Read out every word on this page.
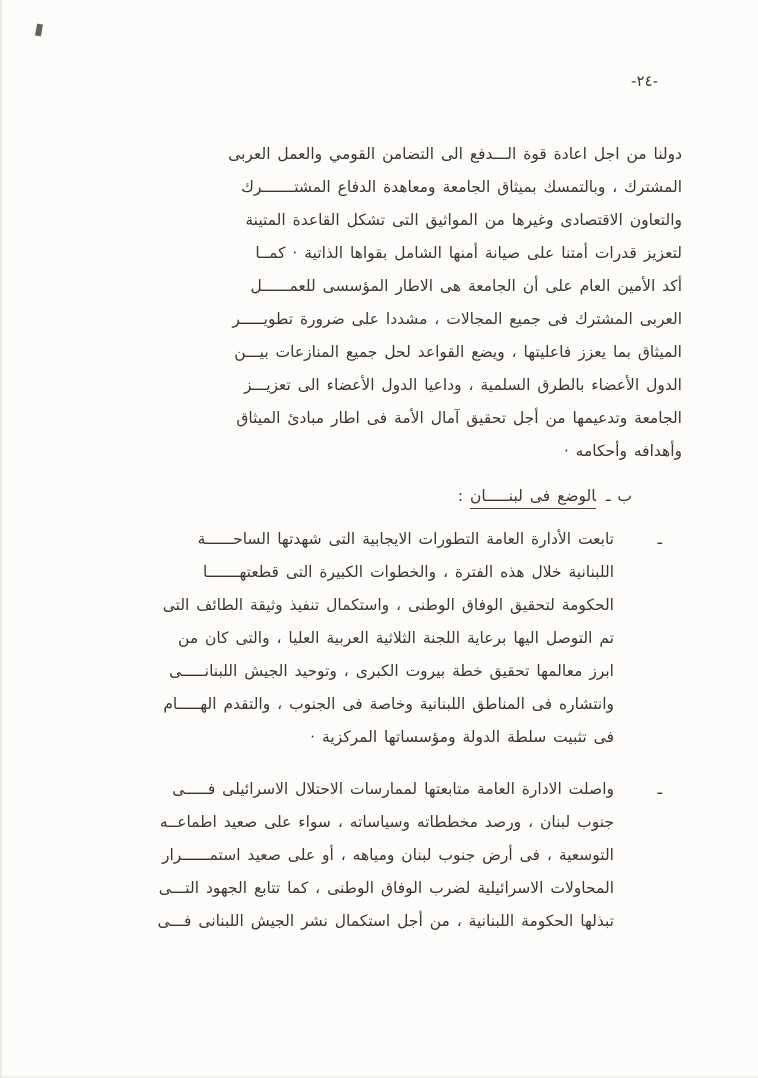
-٢٤-
دولنا من اجل اعادة قوة الـــدفع الى التضامن القومي والعمل العربى
المشترك ، وبالتمسك بميثاق الجامعة ومعاهدة الدفاع المشتـــــــرك
والتعاون الاقتصادى وغيرها من المواثيق التى تشكل القاعدة المتينة
لتعزيز قدرات أمتنا على صيانة أمنها الشامل بقواها الذاتية · كمــا
أكد الأمين العام على أن الجامعة هى الاطار المؤسسى للعمــــــل
العربى المشترك فى جميع المجالات ، مشددا على ضرورة تطويـــــر
الميثاق بما يعزز فاعليتها ، ويضع القواعد لحل جميع المنازعات بيـــن
الدول الأعضاء بالطرق السلمية ، وداعيا الدول الأعضاء الى تعزيـــز
الجامعة وتدعيمها من أجل تحقيق آمال الأمة فى اطار مبادئ الميثاق
وأهدافه وأحكامه ·
ب ـالوضع فى لبنـــــان :
ـ
تابعت الأدارة العامة التطورات الايجابية التى شهدتها الساحــــــة
اللبنانية خلال هذه الفترة ، والخطوات الكبيرة التى قطعتهـــــــا
الحكومة لتحقيق الوفاق الوطنى ، واستكمال تنفيذ وثيقة الطائف التى
تم التوصل اليها برعاية اللجنة الثلاثية العربية العليا ، والتى كان من
ابرز معالمها تحقيق خطة بيروت الكبرى ، وتوحيد الجيش اللبنانـــــى
وانتشاره فى المناطق اللبنانية وخاصة فى الجنوب ، والتقدم الهـــــام
فى تثبيت سلطة الدولة ومؤسساتها المركزية ·
ـ
واصلت الادارة العامة متابعتها لممارسات الاحتلال الاسرائيلى فـــــى
جنوب لبنان ، ورصد مخططاته وسياساته ، سواء على صعيد اطماعــه
التوسعية ، فى أرض جنوب لبنان ومياهه ، أو على صعيد استمــــــرار
المحاولات الاسرائيلية لضرب الوفاق الوطنى ، كما تتابع الجهود التـــى
تبذلها الحكومة اللبنانية ، من أجل استكمال نشر الجيش اللبنانى فـــى
